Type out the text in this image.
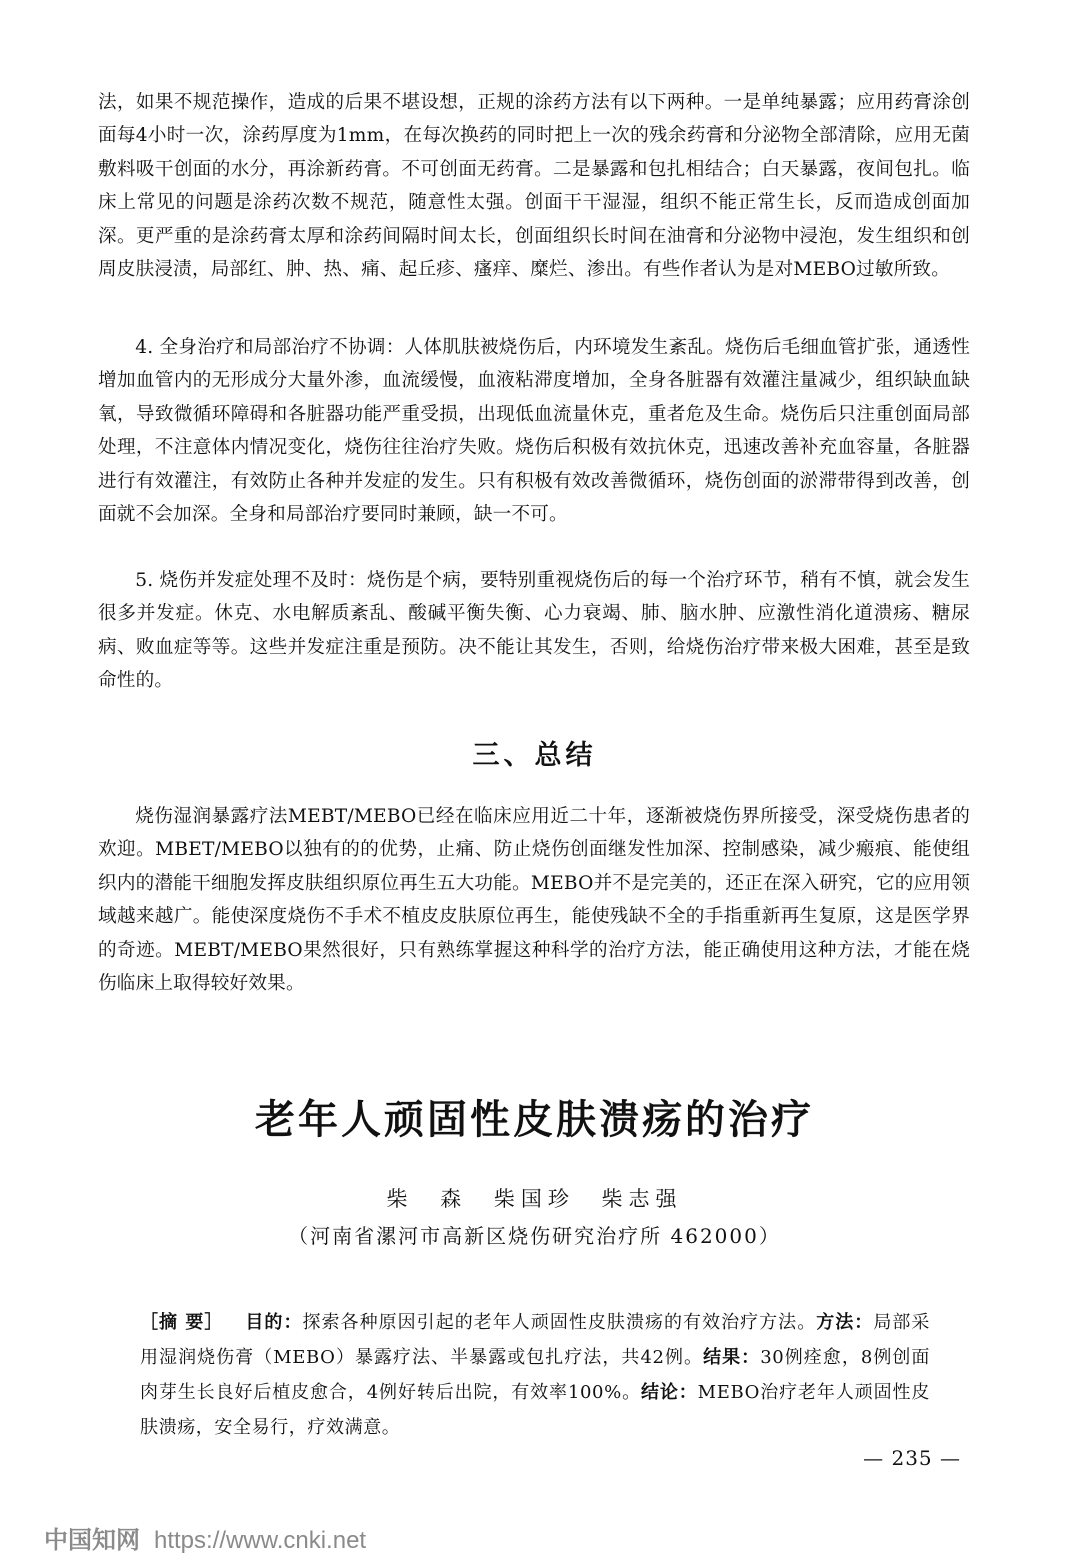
法，如果不规范操作，造成的后果不堪设想，正规的涂药方法有以下两种。一是单纯暴露；应用药膏涂创面每4小时一次，涂药厚度为1mm，在每次换药的同时把上一次的残余药膏和分泌物全部清除，应用无菌敷料吸干创面的水分，再涂新药膏。不可创面无药膏。二是暴露和包扎相结合；白天暴露，夜间包扎。临床上常见的问题是涂药次数不规范，随意性太强。创面干干湿湿，组织不能正常生长，反而造成创面加深。更严重的是涂药膏太厚和涂药间隔时间太长，创面组织长时间在油膏和分泌物中浸泡，发生组织和创周皮肤浸渍，局部红、肿、热、痛、起丘疹、瘙痒、糜烂、渗出。有些作者认为是对MEBO过敏所致。

4. 全身治疗和局部治疗不协调：人体肌肤被烧伤后，内环境发生紊乱。烧伤后毛细血管扩张，通透性增加血管内的无形成分大量外渗，血流缓慢，血液粘滞度增加，全身各脏器有效灌注量减少，组织缺血缺氧，导致微循环障碍和各脏器功能严重受损，出现低血流量休克，重者危及生命。烧伤后只注重创面局部处理，不注意体内情况变化，烧伤往往治疗失败。烧伤后积极有效抗休克，迅速改善补充血容量，各脏器进行有效灌注，有效防止各种并发症的发生。只有积极有效改善微循环，烧伤创面的淤滞带得到改善，创面就不会加深。全身和局部治疗要同时兼顾，缺一不可。

5. 烧伤并发症处理不及时：烧伤是个病，要特别重视烧伤后的每一个治疗环节，稍有不慎，就会发生很多并发症。休克、水电解质紊乱、酸碱平衡失衡、心力衰竭、肺、脑水肿、应激性消化道溃疡、糖尿病、败血症等等。这些并发症注重是预防。决不能让其发生，否则，给烧伤治疗带来极大困难，甚至是致命性的。

三、总结

烧伤湿润暴露疗法MEBT/MEBO已经在临床应用近二十年，逐渐被烧伤界所接受，深受烧伤患者的欢迎。MBET/MEBO以独有的的优势，止痛、防止烧伤创面继发性加深、控制感染，减少瘢痕、能使组织内的潜能干细胞发挥皮肤组织原位再生五大功能。MEBO并不是完美的，还正在深入研究，它的应用领域越来越广。能使深度烧伤不手术不植皮皮肤原位再生，能使残缺不全的手指重新再生复原，这是医学界的奇迹。MEBT/MEBO果然很好，只有熟练掌握这种科学的治疗方法，能正确使用这种方法，才能在烧伤临床上取得较好效果。

老年人顽固性皮肤溃疡的治疗
柴 森 柴国珍 柴志强
（河南省漯河市高新区烧伤研究治疗所 462000）

［摘 要］ 目的：探索各种原因引起的老年人顽固性皮肤溃疡的有效治疗方法。方法：局部采用湿润烧伤膏（MEBO）暴露疗法、半暴露或包扎疗法，共42例。结果：30例痊愈，8例创面肉芽生长良好后植皮愈合，4例好转后出院，有效率100%。结论：MEBO治疗老年人顽固性皮肤溃疡，安全易行，疗效满意。

— 235 —
中国知网 https://www.cnki.net
